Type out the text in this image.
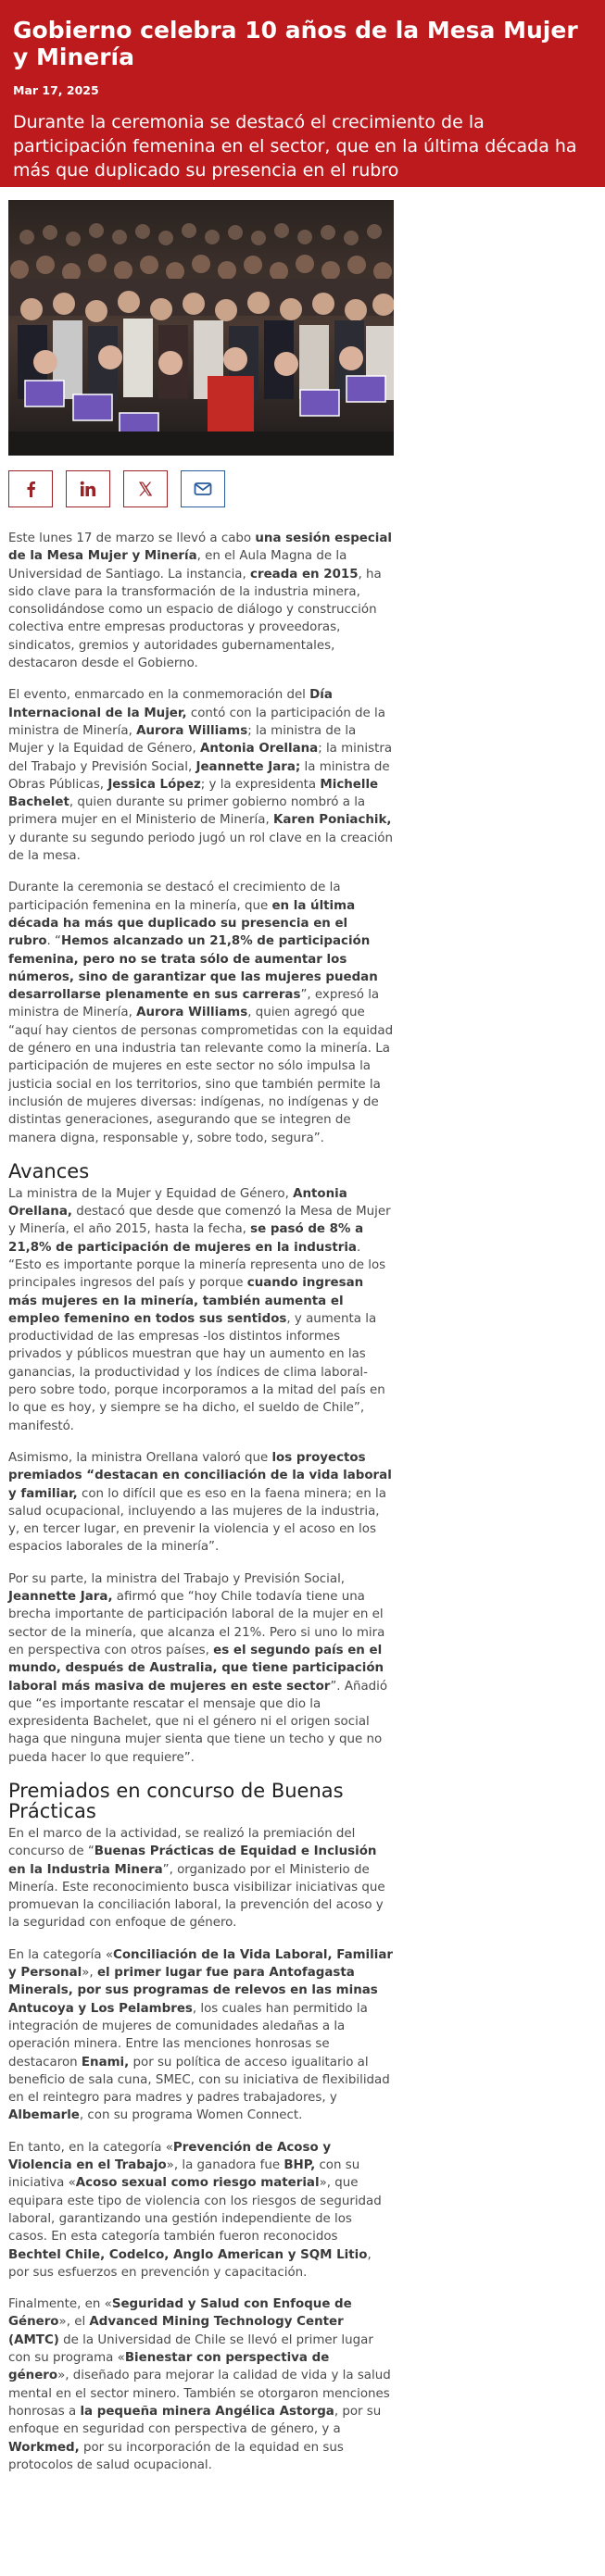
Gobierno celebra 10 años de la Mesa Mujer y Minería
Mar 17, 2025
Durante la ceremonia se destacó el crecimiento de la participación femenina en el sector, que en la última década ha más que duplicado su presencia en el rubro

Este lunes 17 de marzo se llevó a cabo una sesión especial de la Mesa Mujer y Minería, en el Aula Magna de la Universidad de Santiago. La instancia, creada en 2015, ha sido clave para la transformación de la industria minera, consolidándose como un espacio de diálogo y construcción colectiva entre empresas productoras y proveedoras, sindicatos, gremios y autoridades gubernamentales, destacaron desde el Gobierno.

El evento, enmarcado en la conmemoración del Día Internacional de la Mujer, contó con la participación de la ministra de Minería, Aurora Williams; la ministra de la Mujer y la Equidad de Género, Antonia Orellana; la ministra del Trabajo y Previsión Social, Jeannette Jara; la ministra de Obras Públicas, Jessica López; y la expresidenta Michelle Bachelet, quien durante su primer gobierno nombró a la primera mujer en el Ministerio de Minería, Karen Poniachik, y durante su segundo periodo jugó un rol clave en la creación de la mesa.

Durante la ceremonia se destacó el crecimiento de la participación femenina en la minería, que en la última década ha más que duplicado su presencia en el rubro. “Hemos alcanzado un 21,8% de participación femenina, pero no se trata sólo de aumentar los números, sino de garantizar que las mujeres puedan desarrollarse plenamente en sus carreras”, expresó la ministra de Minería, Aurora Williams, quien agregó que “aquí hay cientos de personas comprometidas con la equidad de género en una industria tan relevante como la minería. La participación de mujeres en este sector no sólo impulsa la justicia social en los territorios, sino que también permite la inclusión de mujeres diversas: indígenas, no indígenas y de distintas generaciones, asegurando que se integren de manera digna, responsable y, sobre todo, segura”.

Avances

La ministra de la Mujer y Equidad de Género, Antonia Orellana, destacó que desde que comenzó la Mesa de Mujer y Minería, el año 2015, hasta la fecha, se pasó de 8% a 21,8% de participación de mujeres en la industria. “Esto es importante porque la minería representa uno de los principales ingresos del país y porque cuando ingresan más mujeres en la minería, también aumenta el empleo femenino en todos sus sentidos, y aumenta la productividad de las empresas -los distintos informes privados y públicos muestran que hay un aumento en las ganancias, la productividad y los índices de clima laboral- pero sobre todo, porque incorporamos a la mitad del país en lo que es hoy, y siempre se ha dicho, el sueldo de Chile”, manifestó.

Asimismo, la ministra Orellana valoró que los proyectos premiados “destacan en conciliación de la vida laboral y familiar, con lo difícil que es eso en la faena minera; en la salud ocupacional, incluyendo a las mujeres de la industria, y, en tercer lugar, en prevenir la violencia y el acoso en los espacios laborales de la minería”.

Por su parte, la ministra del Trabajo y Previsión Social, Jeannette Jara, afirmó que “hoy Chile todavía tiene una brecha importante de participación laboral de la mujer en el sector de la minería, que alcanza el 21%. Pero si uno lo mira en perspectiva con otros países, es el segundo país en el mundo, después de Australia, que tiene participación laboral más masiva de mujeres en este sector”. Añadió que “es importante rescatar el mensaje que dio la expresidenta Bachelet, que ni el género ni el origen social haga que ninguna mujer sienta que tiene un techo y que no pueda hacer lo que requiere”.

Premiados en concurso de Buenas Prácticas

En el marco de la actividad, se realizó la premiación del concurso de “Buenas Prácticas de Equidad e Inclusión en la Industria Minera”, organizado por el Ministerio de Minería. Este reconocimiento busca visibilizar iniciativas que promuevan la conciliación laboral, la prevención del acoso y la seguridad con enfoque de género.

En la categoría «Conciliación de la Vida Laboral, Familiar y Personal», el primer lugar fue para Antofagasta Minerals, por sus programas de relevos en las minas Antucoya y Los Pelambres, los cuales han permitido la integración de mujeres de comunidades aledañas a la operación minera. Entre las menciones honrosas se destacaron Enami, por su política de acceso igualitario al beneficio de sala cuna, SMEC, con su iniciativa de flexibilidad en el reintegro para madres y padres trabajadores, y Albemarle, con su programa Women Connect.

En tanto, en la categoría «Prevención de Acoso y Violencia en el Trabajo», la ganadora fue BHP, con su iniciativa «Acoso sexual como riesgo material», que equipara este tipo de violencia con los riesgos de seguridad laboral, garantizando una gestión independiente de los casos. En esta categoría también fueron reconocidos Bechtel Chile, Codelco, Anglo American y SQM Litio, por sus esfuerzos en prevención y capacitación.

Finalmente, en «Seguridad y Salud con Enfoque de Género», el Advanced Mining Technology Center (AMTC) de la Universidad de Chile se llevó el primer lugar con su programa «Bienestar con perspectiva de género», diseñado para mejorar la calidad de vida y la salud mental en el sector minero. También se otorgaron menciones honrosas a la pequeña minera Angélica Astorga, por su enfoque en seguridad con perspectiva de género, y a Workmed, por su incorporación de la equidad en sus protocolos de salud ocupacional.
